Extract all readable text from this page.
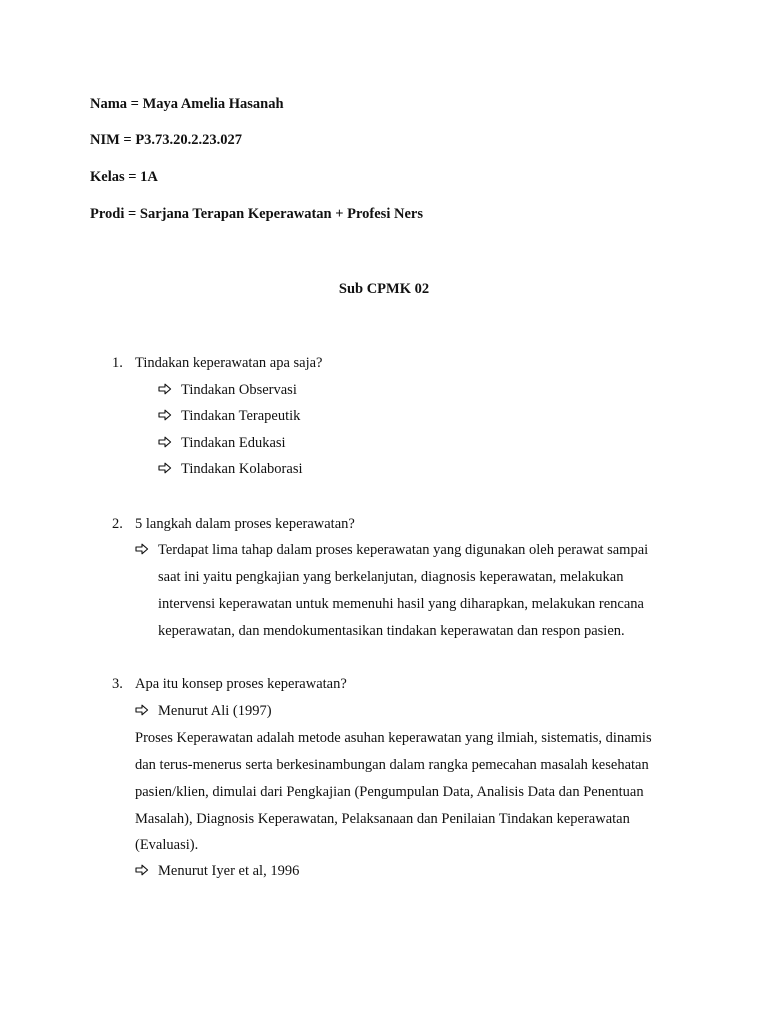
Nama = Maya Amelia Hasanah
NIM = P3.73.20.2.23.027
Kelas = 1A
Prodi = Sarjana Terapan Keperawatan + Profesi Ners
Sub CPMK 02
1. Tindakan keperawatan apa saja?
Tindakan Observasi
Tindakan Terapeutik
Tindakan Edukasi
Tindakan Kolaborasi
2. 5 langkah dalam proses keperawatan?
Terdapat lima tahap dalam proses keperawatan yang digunakan oleh perawat sampai
saat ini yaitu pengkajian yang berkelanjutan, diagnosis keperawatan, melakukan
intervensi keperawatan untuk memenuhi hasil yang diharapkan, melakukan rencana
keperawatan, dan mendokumentasikan tindakan keperawatan dan respon pasien.
3. Apa itu konsep proses keperawatan?
Menurut Ali (1997)
Proses Keperawatan adalah metode asuhan keperawatan yang ilmiah, sistematis, dinamis
dan terus-menerus serta berkesinambungan dalam rangka pemecahan masalah kesehatan
pasien/klien, dimulai dari Pengkajian (Pengumpulan Data, Analisis Data dan Penentuan
Masalah), Diagnosis Keperawatan, Pelaksanaan dan Penilaian Tindakan keperawatan
(Evaluasi).
Menurut Iyer et al, 1996
